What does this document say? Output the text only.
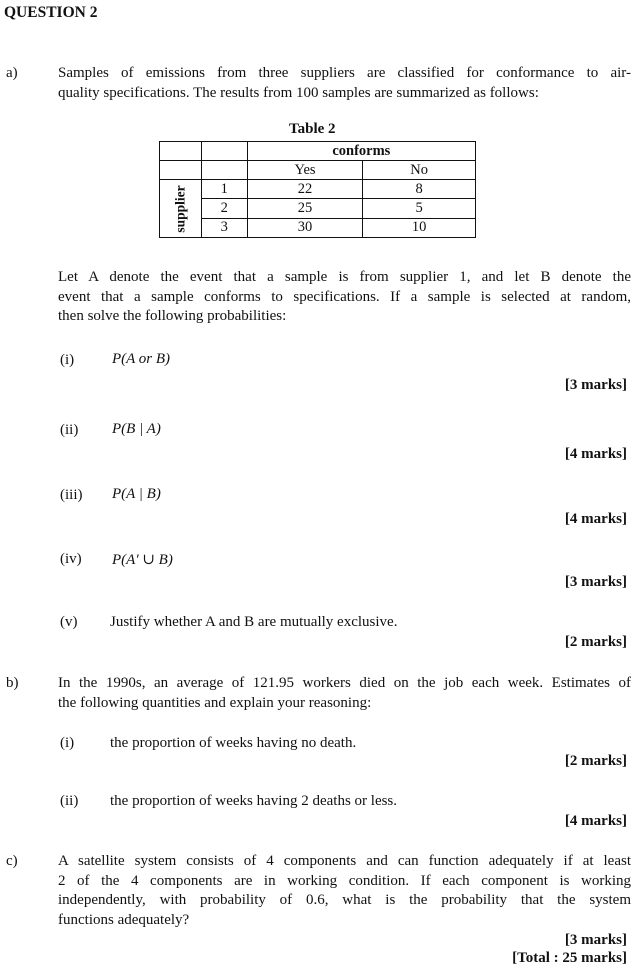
QUESTION 2
a)	Samples of emissions from three suppliers are classified for conformance to air-
quality specifications. The results from 100 samples are summarized as follows:
Table 2
		conforms	
		Yes	No

supplier	1	22	8
	2	25	5
	3	30	10
Let A denote the event that a sample is from supplier 1, and let B denote the
event that a sample conforms to specifications. If a sample is selected at random,
then solve the following probabilities:
(i)	P(A or B)
[3 marks]
(ii) P(B | A)
[4 marks]
(iii) P(A | B)
[4 marks]
(iv) P(A′ ∪ B)
[3 marks]
(v) Justify whether A and B are mutually exclusive.
[2 marks]
b)	In the 1990s, an average of 121.95 workers died on the job each week. Estimates of
the following quantities and explain your reasoning:
(i) the proportion of weeks having no death.
[2 marks]
(ii) the proportion of weeks having 2 deaths or less.
[4 marks]
c)	A satellite system consists of 4 components and can function adequately if at least
2 of the 4 components are in working condition. If each component is working
independently, with probability of 0.6, what is the probability that the system
functions adequately?
[3 marks]
[Total : 25 marks]
